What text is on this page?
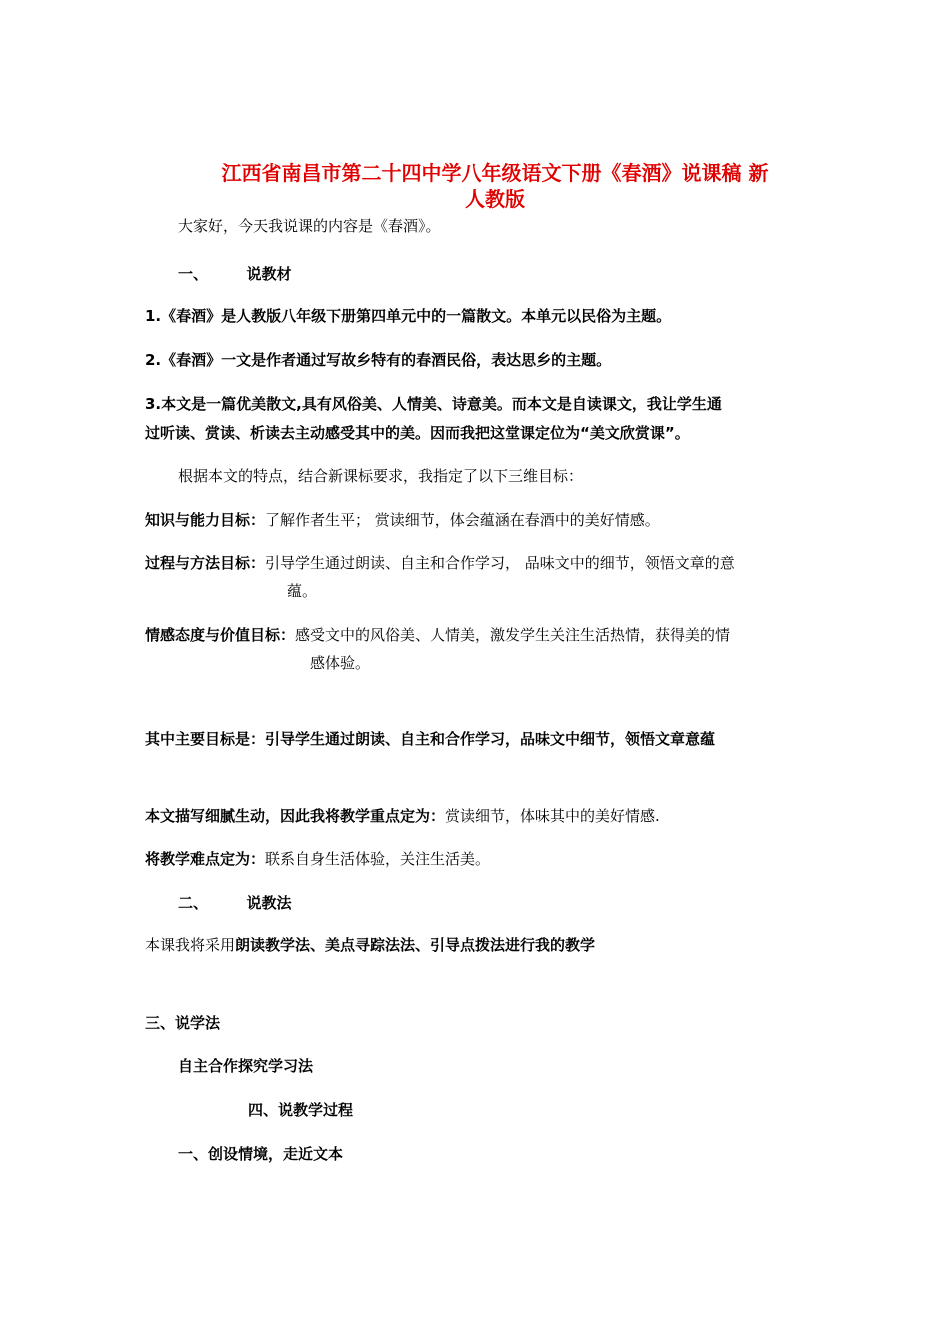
江西省南昌市第二十四中学八年级语文下册《春酒》说课稿 新
人教版
大家好，今天我说课的内容是《春酒》。
一、	说教材
1.《春酒》是人教版八年级下册第四单元中的一篇散文。本单元以民俗为主题。
2.《春酒》一文是作者通过写故乡特有的春酒民俗，表达思乡的主题。
3.本文是一篇优美散文,具有风俗美、人情美、诗意美。而本文是自读课文，我让学生通
过听读、赏读、析读去主动感受其中的美。因而我把这堂课定位为“美文欣赏课”。
根据本文的特点，结合新课标要求，我指定了以下三维目标：
知识与能力目标：了解作者生平； 赏读细节，体会蕴涵在春酒中的美好情感。
过程与方法目标：引导学生通过朗读、自主和合作学习， 品味文中的细节，领悟文章的意
蕴。
情感态度与价值目标：感受文中的风俗美、人情美，激发学生关注生活热情，获得美的情
感体验。
其中主要目标是：引导学生通过朗读、自主和合作学习，品味文中细节，领悟文章意蕴
本文描写细腻生动，因此我将教学重点定为：赏读细节，体味其中的美好情感.
将教学难点定为：联系自身生活体验，关注生活美。
二、	说教法
本课我将采用朗读教学法、美点寻踪法法、引导点拨法进行我的教学
三、说学法
自主合作探究学习法
四、说教学过程
一、创设情境，走近文本
